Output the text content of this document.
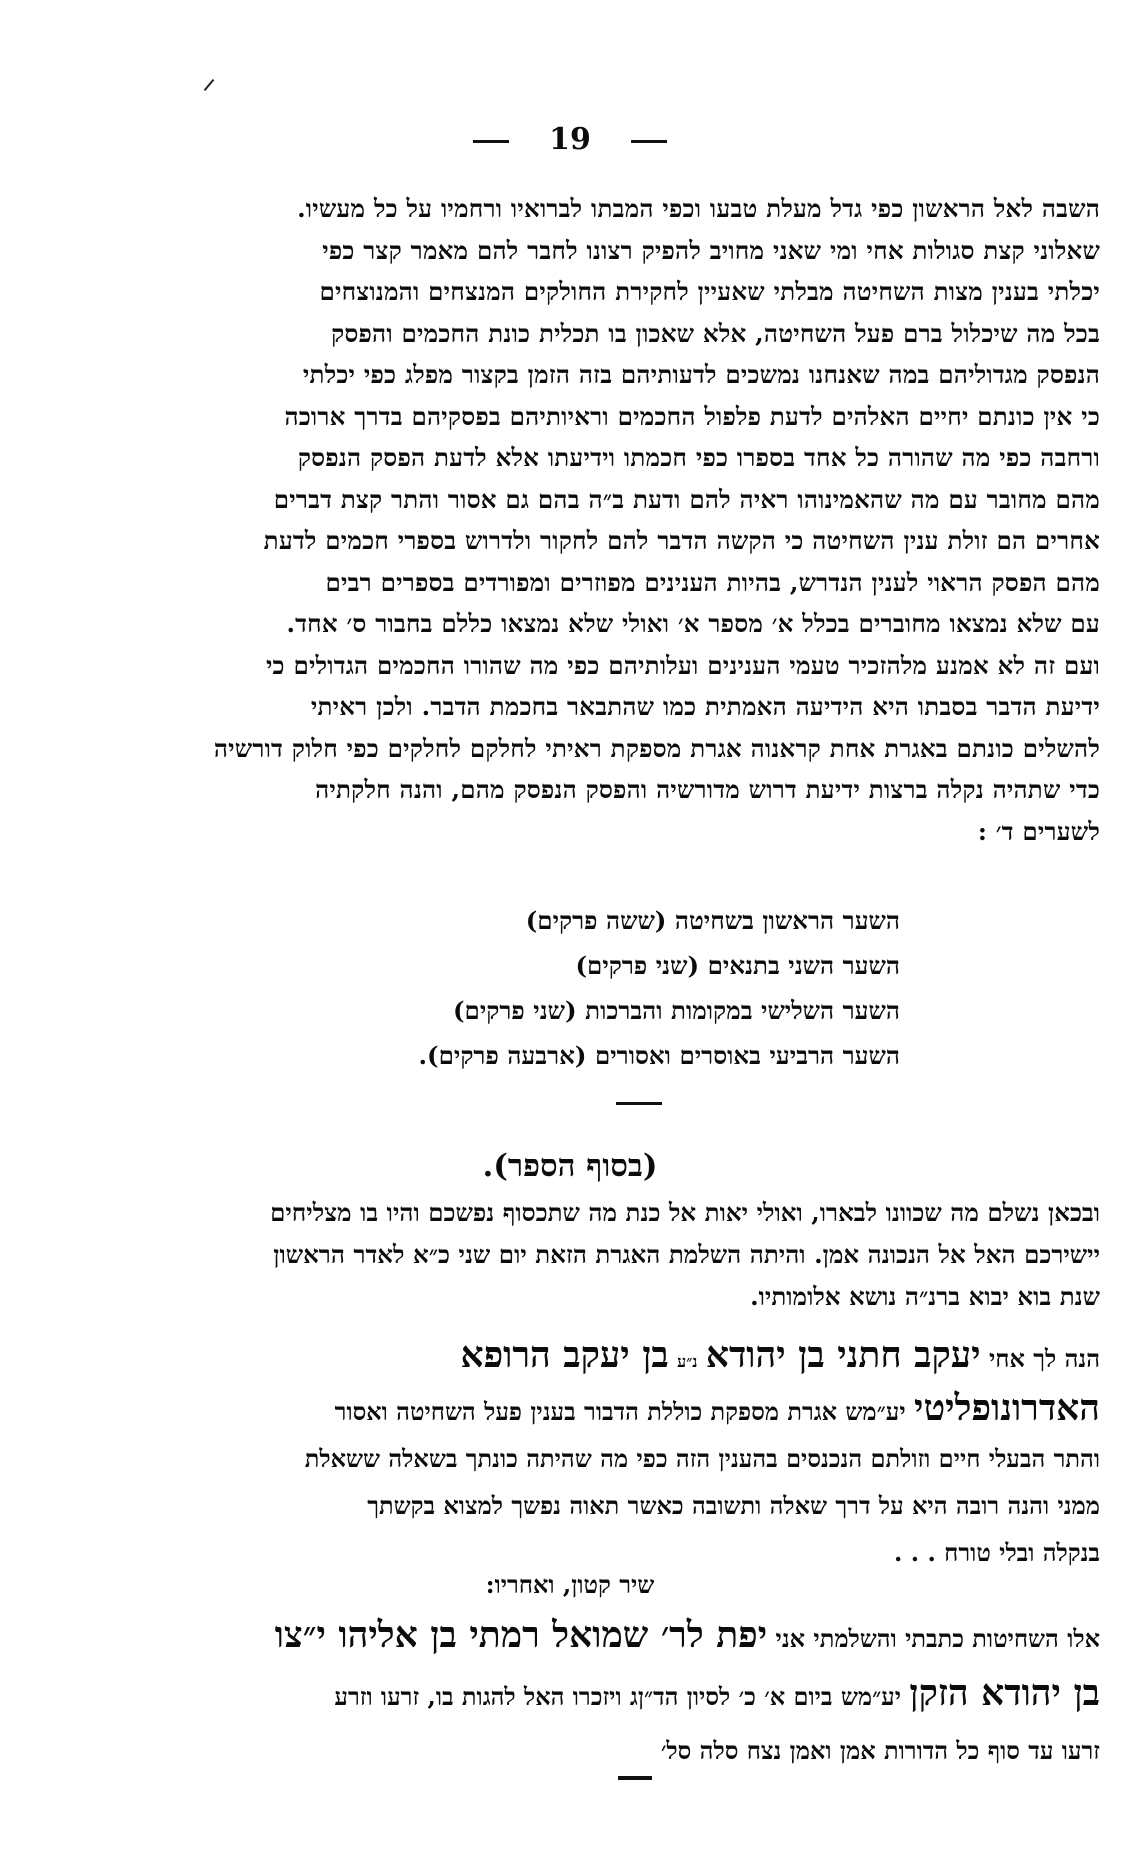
19

השבה לאל הראשון כפי גדל מעלת טבעו וכפי המבתו לברואיו ורחמיו על כל מעשיו.

שאלוני קצת סגולות אחי ומי שאני מחויב להפיק רצונו לחבר להם מאמר קצר כפי

יכלתי בענין מצות השחיטה מבלתי שאעיין לחקירת החולקים המנצחים והמנוצחים

בכל מה שיכלול ברם פעל השחיטה, אלא שאכון בו תכלית כונת החכמים והפסק

הנפסק מגדוליהם במה שאנחנו נמשכים לדעותיהם בזה הזמן בקצור מפלג כפי יכלתי

כי אין כונתם יחיים האלהים לדעת פלפול החכמים וראיותיהם בפסקיהם בדרך ארוכה

ורחבה כפי מה שהורה כל אחד בספרו כפי חכמתו וידיעתו אלא לדעת הפסק הנפסק

מהם מחובר עם מה שהאמינוהו ראיה להם ודעת ב״ה בהם גם אסור והתר קצת דברים

אחרים הם זולת ענין השחיטה כי הקשה הדבר להם לחקור ולדרוש בספרי חכמים לדעת

מהם הפסק הראוי לענין הנדרש, בהיות הענינים מפוזרים ומפורדים בספרים רבים

עם שלא נמצאו מחוברים בכלל א׳ מספר א׳ ואולי שלא נמצאו כללם בחבור ס׳ אחד.

ועם זה לא אמנע מלהזכיר טעמי הענינים ועלותיהם כפי מה שהורו החכמים הגדולים כי

ידיעת הדבר בסבתו היא הידיעה האמתית כמו שהתבאר בחכמת הדבר. ולכן ראיתי

להשלים כונתם באגרת אחת קראנוה אגרת מספקת ראיתי לחלקם לחלקים כפי חלוק דורשיה

כדי שתהיה נקלה ברצות ידיעת דרוש מדורשיה והפסק הנפסק מהם, והנה חלקתיה

לשערים ד׳ :

השער הראשון בשחיטה (ששה פרקים)
השער השני בתנאים (שני פרקים)
השער השלישי במקומות והברכות (שני פרקים)
השער הרביעי באוסרים ואסורים (ארבעה פרקים).
(בסוף הספר).

ובכאן נשלם מה שכוונו לבארו, ואולי יאות אל כנת מה שתכסוף נפשכם והיו בו מצליחים

יישירכם האל אל הנכונה אמן. והיתה השלמת האגרת הזאת יום שני כ״א לאדר הראשון

שנת בוא יבוא ברנ״ה נושא אלומותיו.

הנה לך אחי יעקב חתני בן יהודא נ״ע בן יעקב הרופא
האדרונופליטי יע״מש אגרת מספקת כוללת הדבור בענין פעל השחיטה ואסור
והתר הבעלי חיים וזולתם הנכנסים בהענין הזה כפי מה שהיתה כונתך בשאלה ששאלת
ממני והנה רובה היא על דרך שאלה ותשובה כאשר תאוה נפשך למצוא בקשתך
בנקלה ובלי טורח . . .
שיר קטון, ואחריו:
אלו השחיטות כתבתי והשלמתי אני יפת לר׳ שמואל רמתי בן אליהו י״צו
בן יהודא הזקן יע״מש ביום א׳ כ׳ לסיון הד״ןג ויזכרו האל להגות בו, זרעו וזרע
זרעו עד סוף כל הדורות אמן ואמן נצח סלה סל׳
